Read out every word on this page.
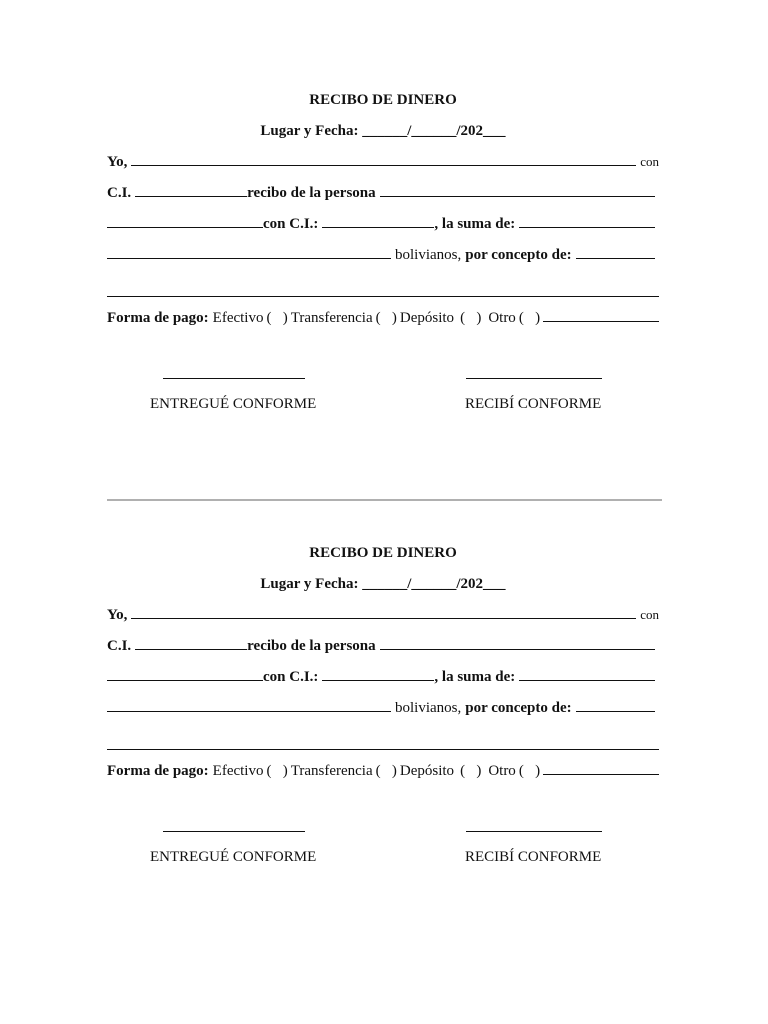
RECIBO DE DINERO
Lugar y Fecha: ______/______/202___
Yo,	con
C.I.	recibo de la persona
con C.I.:	, la suma de:
bolivianos, por concepto de:
Forma de pago: Efectivo ( ) Transferencia ( ) Depósito ( ) Otro ( )
ENTREGUÉ CONFORME	RECIBÍ CONFORME
RECIBO DE DINERO
Lugar y Fecha: ______/______/202___
Yo,	con
C.I.	recibo de la persona
con C.I.:	, la suma de:
bolivianos, por concepto de:
Forma de pago: Efectivo ( ) Transferencia ( ) Depósito ( ) Otro ( )
ENTREGUÉ CONFORME	RECIBÍ CONFORME
